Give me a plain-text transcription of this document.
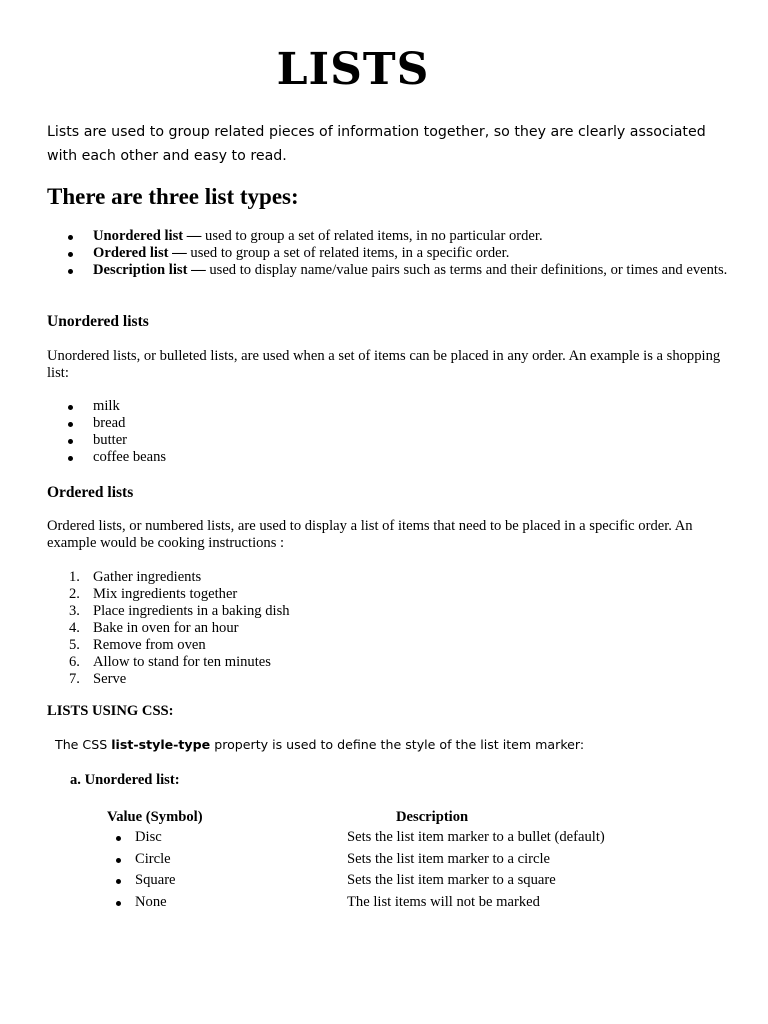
LISTS
Lists are used to group related pieces of information together, so they are clearly associated with each other and easy to read.
There are three list types:
Unordered list — used to group a set of related items, in no particular order.
Ordered list — used to group a set of related items, in a specific order.
Description list — used to display name/value pairs such as terms and their definitions, or times and events.
Unordered lists
Unordered lists, or bulleted lists, are used when a set of items can be placed in any order. An example is a shopping list:
milk
bread
butter
coffee beans
Ordered lists
Ordered lists, or numbered lists, are used to display a list of items that need to be placed in a specific order. An example would be cooking instructions :
1. Gather ingredients
2. Mix ingredients together
3. Place ingredients in a baking dish
4. Bake in oven for an hour
5. Remove from oven
6. Allow to stand for ten minutes
7. Serve
LISTS USING CSS:
The CSS list-style-type property is used to define the style of the list item marker:
a. Unordered list:
Value (Symbol)	Description
Disc	Sets the list item marker to a bullet (default)
Circle	Sets the list item marker to a circle
Square	Sets the list item marker to a square
None	The list items will not be marked
